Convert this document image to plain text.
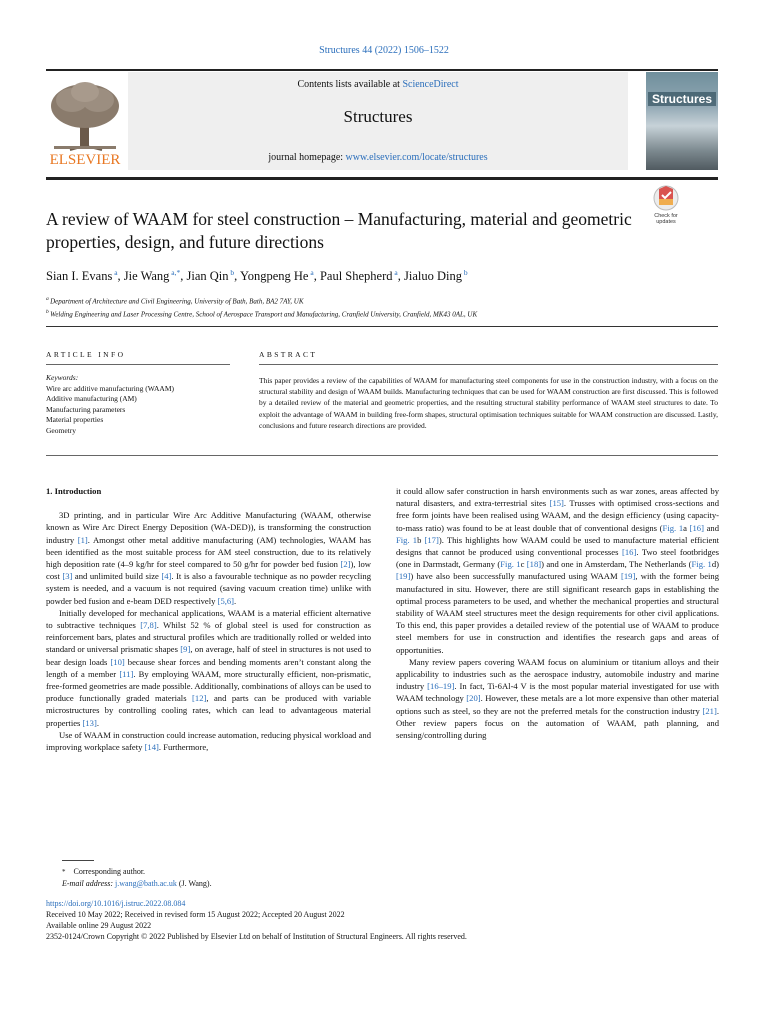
Structures 44 (2022) 1506–1522
Contents lists available at ScienceDirect
Structures
journal homepage: www.elsevier.com/locate/structures
ELSEVIER
Structures
A review of WAAM for steel construction – Manufacturing, material and geometric properties, design, and future directions
Check for updates
Sian I. Evans $^a$, Jie Wang $^{a,*}$, Jian Qin $^b$, Yongpeng He $^a$, Paul Shepherd $^a$, Jialuo Ding $^b$
$^a$ Department of Architecture and Civil Engineering, University of Bath, Bath, BA2 7AY, UK
$^b$ Welding Engineering and Laser Processing Centre, School of Aerospace Transport and Manufacturing, Cranfield University, Cranfield, MK43 0AL, UK
ARTICLE INFO
Keywords:
Wire arc additive manufacturing (WAAM)
Additive manufacturing (AM)
Manufacturing parameters
Material properties
Geometry
ABSTRACT
This paper provides a review of the capabilities of WAAM for manufacturing steel components for use in the construction industry, with a focus on the structural stability and design of WAAM builds. Manufacturing techniques that can be used for WAAM construction are first discussed. This is followed by a detailed review of the material and geometric properties, and the resulting structural stability performance of WAAM steel structures to date. To exploit the advantage of WAAM in building free-form shapes, structural optimisation techniques suitable for WAAM construction are discussed. Lastly, conclusions and future research directions are provided.

1. Introduction

3D printing, and in particular Wire Arc Additive Manufacturing (WAAM, otherwise known as Wire Arc Direct Energy Deposition (WA-DED)), is transforming the construction industry [1]. Amongst other metal additive manufacturing (AM) technologies, WAAM has been identified as the most suitable process for AM steel construction, due to its relatively high deposition rate (4–9 kg/hr for steel compared to 50 g/hr for powder bed fusion [2]), low cost [3] and unlimited build size [4]. It is also a favourable technique as no powder recycling system is needed, and a vacuum is not required (saving vacuum creation time) unlike with powder bed fusion and e-beam DED respectively [5,6].

Initially developed for mechanical applications, WAAM is a material efficient alternative to subtractive techniques [7,8]. Whilst 52 % of global steel is used for construction as reinforcement bars, plates and structural profiles which are traditionally rolled or welded into standard or universal prismatic shapes [9], on average, half of steel in structures is not used to bear design loads [10] because shear forces and bending moments aren’t constant along the length of a member [11]. By employing WAAM, more structurally efficient, non-prismatic, free-formed geometries are made possible. Additionally, combinations of alloys can be used to produce functionally graded materials [12], and parts can be produced with variable microstructures by controlling cooling rates, which can lead to advantageous material properties [13].

Use of WAAM in construction could increase automation, reducing physical workload and improving workplace safety [14]. Furthermore,

it could allow safer construction in harsh environments such as war zones, areas affected by natural disasters, and extra-terrestrial sites [15]. Trusses with optimised cross-sections and free form joints have been realised using WAAM, and the design efficiency (using capacity-to-mass ratio) was found to be at least double that of conventional designs (Fig. 1a [16] and Fig. 1b [17]). This highlights how WAAM could be used to manufacture material efficient designs that cannot be produced using conventional processes [16]. Two steel footbridges (one in Darmstadt, Germany (Fig. 1c [18]) and one in Amsterdam, The Netherlands (Fig. 1d) [19]) have also been successfully manufactured using WAAM [19], with the former being manufactured in situ. However, there are still significant research gaps in establishing the optimal process parameters to be used, and whether the mechanical properties and structural stability of WAAM steel structures meet the design requirements for other civil applications. To this end, this paper provides a detailed review of the potential use of WAAM to produce steel members for use in construction and identifies the research gaps and areas of opportunities.

Many review papers covering WAAM focus on aluminium or titanium alloys and their applicability to industries such as the aerospace industry, automobile industry and marine industry [16–19]. In fact, Ti-6Al-4 V is the most popular material investigated for use with WAAM technology [20]. However, these metals are a lot more expensive than other material options such as steel, so they are not the preferred metals for the construction industry [21]. Other review papers focus on the automation of WAAM, path planning, and sensing/controlling during

* Corresponding author.
E-mail address: j.wang@bath.ac.uk (J. Wang).
https://doi.org/10.1016/j.istruc.2022.08.084
Received 10 May 2022; Received in revised form 15 August 2022; Accepted 20 August 2022
Available online 29 August 2022
2352-0124/Crown Copyright © 2022 Published by Elsevier Ltd on behalf of Institution of Structural Engineers. All rights reserved.
